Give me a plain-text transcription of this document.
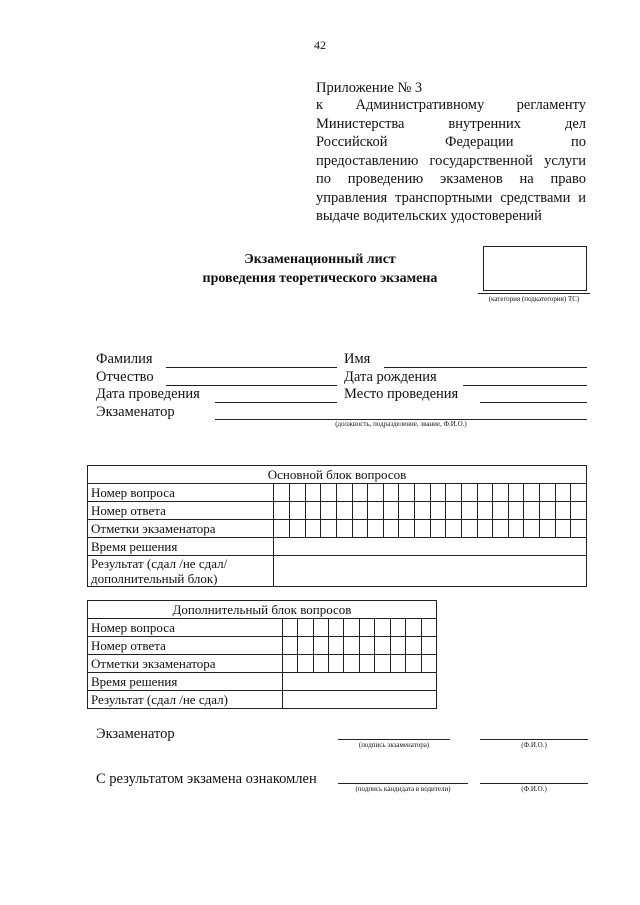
42
Приложение № 3
к Административному регламенту
Министерства внутренних дел
Российской Федерации по
предоставлению государственной услуги
по проведению экзаменов на право
управления транспортными средствами и
выдаче водительских удостоверений
Экзаменационный лист
проведения теоретического экзамена
(категория (подкатегория) ТС)
Фамилия	Имя
Отчество	Дата рождения
Дата проведения	Место проведения
Экзаменатор
(должность, подразделение, звание, Ф.И.О.)
Основной блок вопросов																				
Номер вопроса																				
Номер ответа																				
Отметки экзаменатора																				
Время решения																				
Результат (сдал /не сдал/ дополнительный блок)																				
Дополнительный блок вопросов										
Номер вопроса										
Номер ответа										
Отметки экзаменатора										
Время решения										
Результат (сдал /не сдал)										
Экзаменатор
(подпись экзаменатора)	(Ф.И.О.)
С результатом экзамена ознакомлен
(подпись кандидата в водители)	(Ф.И.О.)
